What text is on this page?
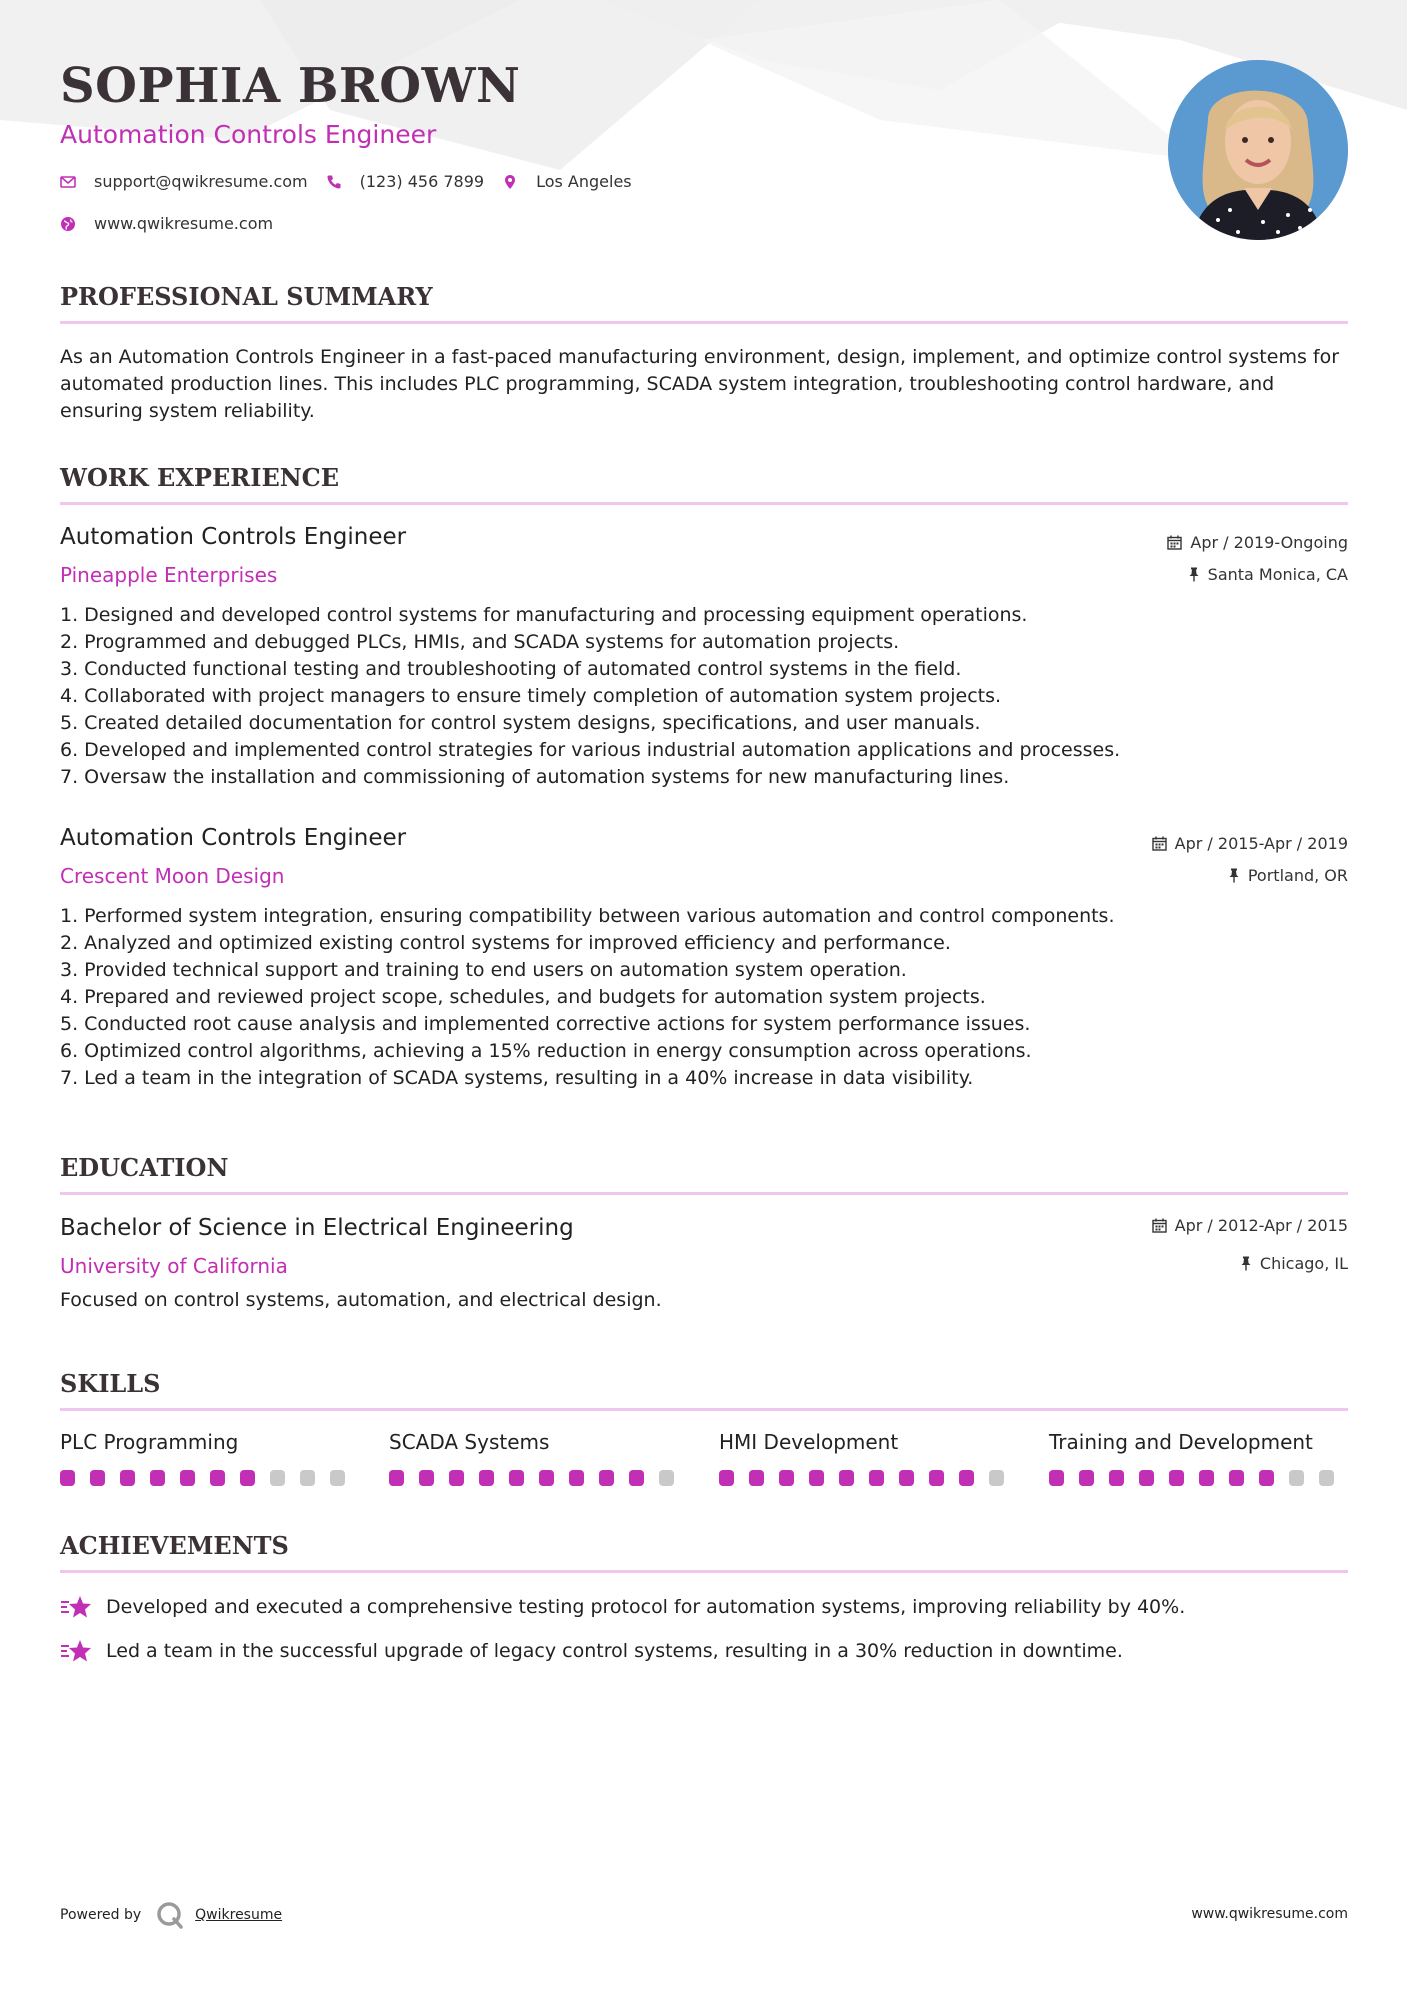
SOPHIA BROWN
Automation Controls Engineer
support@qwikresume.com	(123) 456 7899	Los Angeles
www.qwikresume.com
PROFESSIONAL SUMMARY

As an Automation Controls Engineer in a fast-paced manufacturing environment, design, implement, and optimize control systems for automated production lines. This includes PLC programming, SCADA system integration, troubleshooting control hardware, and ensuring system reliability.

WORK EXPERIENCE
Automation Controls Engineer
Pineapple Enterprises
Apr / 2019-Ongoing
Santa Monica, CA
1. Designed and developed control systems for manufacturing and processing equipment operations.
2. Programmed and debugged PLCs, HMIs, and SCADA systems for automation projects.
3. Conducted functional testing and troubleshooting of automated control systems in the field.
4. Collaborated with project managers to ensure timely completion of automation system projects.
5. Created detailed documentation for control system designs, specifications, and user manuals.
6. Developed and implemented control strategies for various industrial automation applications and processes.
7. Oversaw the installation and commissioning of automation systems for new manufacturing lines.
Automation Controls Engineer
Crescent Moon Design
Apr / 2015-Apr / 2019
Portland, OR
1. Performed system integration, ensuring compatibility between various automation and control components.
2. Analyzed and optimized existing control systems for improved efficiency and performance.
3. Provided technical support and training to end users on automation system operation.
4. Prepared and reviewed project scope, schedules, and budgets for automation system projects.
5. Conducted root cause analysis and implemented corrective actions for system performance issues.
6. Optimized control algorithms, achieving a 15% reduction in energy consumption across operations.
7. Led a team in the integration of SCADA systems, resulting in a 40% increase in data visibility.
EDUCATION
Bachelor of Science in Electrical Engineering
University of California
Apr / 2012-Apr / 2015
Chicago, IL

Focused on control systems, automation, and electrical design.

SKILLS
PLC Programming	SCADA Systems	HMI Development	Training and Development
ACHIEVEMENTS
Developed and executed a comprehensive testing protocol for automation systems, improving reliability by 40%.
Led a team in the successful upgrade of legacy control systems, resulting in a 30% reduction in downtime.
Powered by	Qwikresume	www.qwikresume.com
